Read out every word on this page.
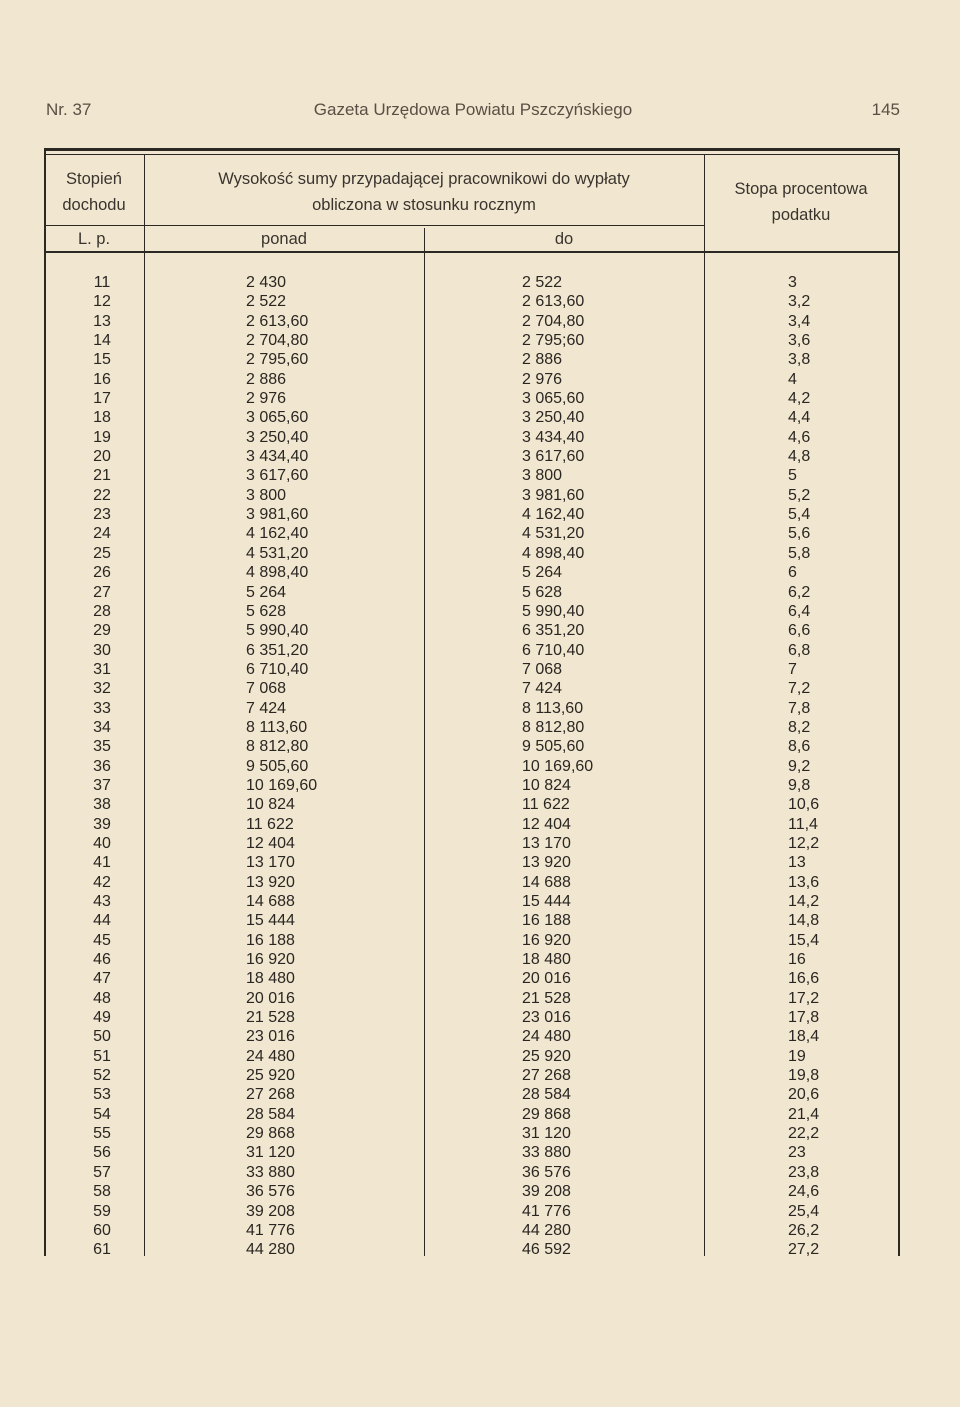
Nr. 37	Gazeta Urzędowa Powiatu Pszczyńskiego	145
Stopień
dochodu
L. p.
Wysokość sumy przypadającej pracownikowi do wypłaty
obliczona w stosunku rocznym
ponad	do
Stopa procentowa
podatku
11	2 430	2 522	3
12	2 522	2 613,60	3,2
13	2 613,60	2 704,80	3,4
14	2 704,80	2 795;60	3,6
15	2 795,60	2 886	3,8
16	2 886	2 976	4
17	2 976	3 065,60	4,2
18	3 065,60	3 250,40	4,4
19	3 250,40	3 434,40	4,6
20	3 434,40	3 617,60	4,8
21	3 617,60	3 800	5
22	3 800	3 981,60	5,2
23	3 981,60	4 162,40	5,4
24	4 162,40	4 531,20	5,6
25	4 531,20	4 898,40	5,8
26	4 898,40	5 264	6
27	5 264	5 628	6,2
28	5 628	5 990,40	6,4
29	5 990,40	6 351,20	6,6
30	6 351,20	6 710,40	6,8
31	6 710,40	7 068	7
32	7 068	7 424	7,2
33	7 424	8 113,60	7,8
34	8 113,60	8 812,80	8,2
35	8 812,80	9 505,60	8,6
36	9 505,60	10 169,60	9,2
37	10 169,60	10 824	9,8
38	10 824	11 622	10,6
39	11 622	12 404	11,4
40	12 404	13 170	12,2
41	13 170	13 920	13
42	13 920	14 688	13,6
43	14 688	15 444	14,2
44	15 444	16 188	14,8
45	16 188	16 920	15,4
46	16 920	18 480	16
47	18 480	20 016	16,6
48	20 016	21 528	17,2
49	21 528	23 016	17,8
50	23 016	24 480	18,4
51	24 480	25 920	19
52	25 920	27 268	19,8
53	27 268	28 584	20,6
54	28 584	29 868	21,4
55	29 868	31 120	22,2
56	31 120	33 880	23
57	33 880	36 576	23,8
58	36 576	39 208	24,6
59	39 208	41 776	25,4
60	41 776	44 280	26,2
61	44 280	46 592	27,2
